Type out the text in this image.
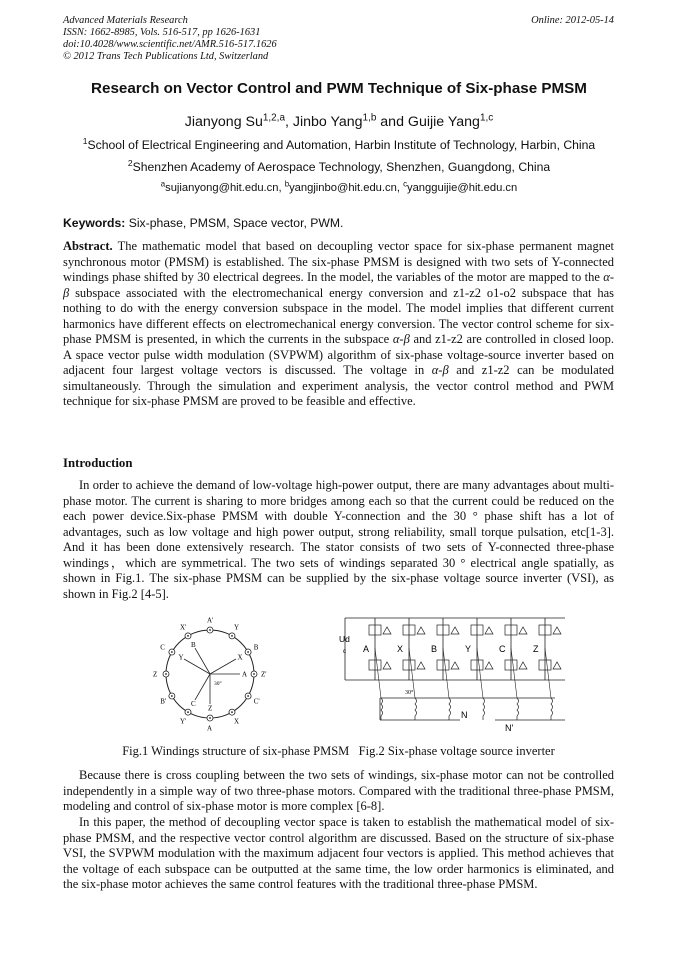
Advanced Materials Research
ISSN: 1662-8985, Vols. 516-517, pp 1626-1631
doi:10.4028/www.scientific.net/AMR.516-517.1626
© 2012 Trans Tech Publications Ltd, Switzerland
Online: 2012-05-14
Research on Vector Control and PWM Technique of Six-phase PMSM
Jianyong Su$^{1,2,a}$, Jinbo Yang$^{1,b}$ and Guijie Yang$^{1,c}$
$^1$School of Electrical Engineering and Automation, Harbin Institute of Technology, Harbin, China
$^2$Shenzhen Academy of Aerospace Technology, Shenzhen, Guangdong, China
$^a$sujianyong@hit.edu.cn, $^b$yangjinbo@hit.edu.cn, $^c$yangguijie@hit.edu.cn
Keywords: Six-phase, PMSM, Space vector, PWM.

Abstract. The mathematic model that based on decoupling vector space for six-phase permanent magnet synchronous motor (PMSM) is established. The six-phase PMSM is designed with two sets of Y-connected windings phase shifted by 30 electrical degrees. In the model, the variables of the motor are mapped to the α-β subspace associated with the electromechanical energy conversion and z1-z2 o1-o2 subspace that has nothing to do with the energy conversion subspace in the model. The model implies that different current harmonics have different effects on electromechanical energy conversion. The vector control scheme for six-phase PMSM is presented, in which the currents in the subspace α-β and z1-z2 are controlled in closed loop. A space vector pulse width modulation (SVPWM) algorithm of six-phase voltage-source inverter based on adjacent four largest voltage vectors is discussed. The voltage in α-β and z1-z2 can be modulated simultaneously. Through the simulation and experiment analysis, the vector control method and PWM technique for six-phase PMSM are proved to be feasible and effective.

Introduction

In order to achieve the demand of low-voltage high-power output, there are many advantages about multi-phase motor. The current is sharing to more bridges among each so that the current could be reduced on the each power device.Six-phase PMSM with double Y-connection and the 30 ° phase shift has a lot of advantages, such as low voltage and high power output, strong reliability, small torque pulsation, etc[1-3]. And it has been done extensively research. The stator consists of two sets of Y-connected three-phase windings，which are symmetrical. The two sets of windings separated 30 ° electrical angle spatially, as shown in Fig.1. The six-phase PMSM can be supplied by the six-phase voltage source inverter (VSI), as shown in Fig.2 [4-5].

A'
Y
B
Z'
C'
X
A
Y'
B'
Z
C
X'
A
B
C
X
Y
Z
30°
A	X	B	Y	C	Z
Ud
c
30°
N
N'
Fig.1 Windings structure of six-phase PMSM Fig.2 Six-phase voltage source inverter

Because there is cross coupling between the two sets of windings, six-phase motor can not be controlled independently in a simple way of two three-phase motors. Compared with the traditional three-phase PMSM, modeling and control of six-phase motor is more complex [6-8].

In this paper, the method of decoupling vector space is taken to establish the mathematical model of six-phase PMSM, and the respective vector control algorithm are discussed. Based on the structure of six-phase VSI, the SVPWM modulation with the maximum adjacent four vectors is applied. This method achieves that the voltage of each subspace can be outputted at the same time, the low order harmonics is eliminated, and the six-phase motor achieves the same control features with the traditional three-phase PMSM.
